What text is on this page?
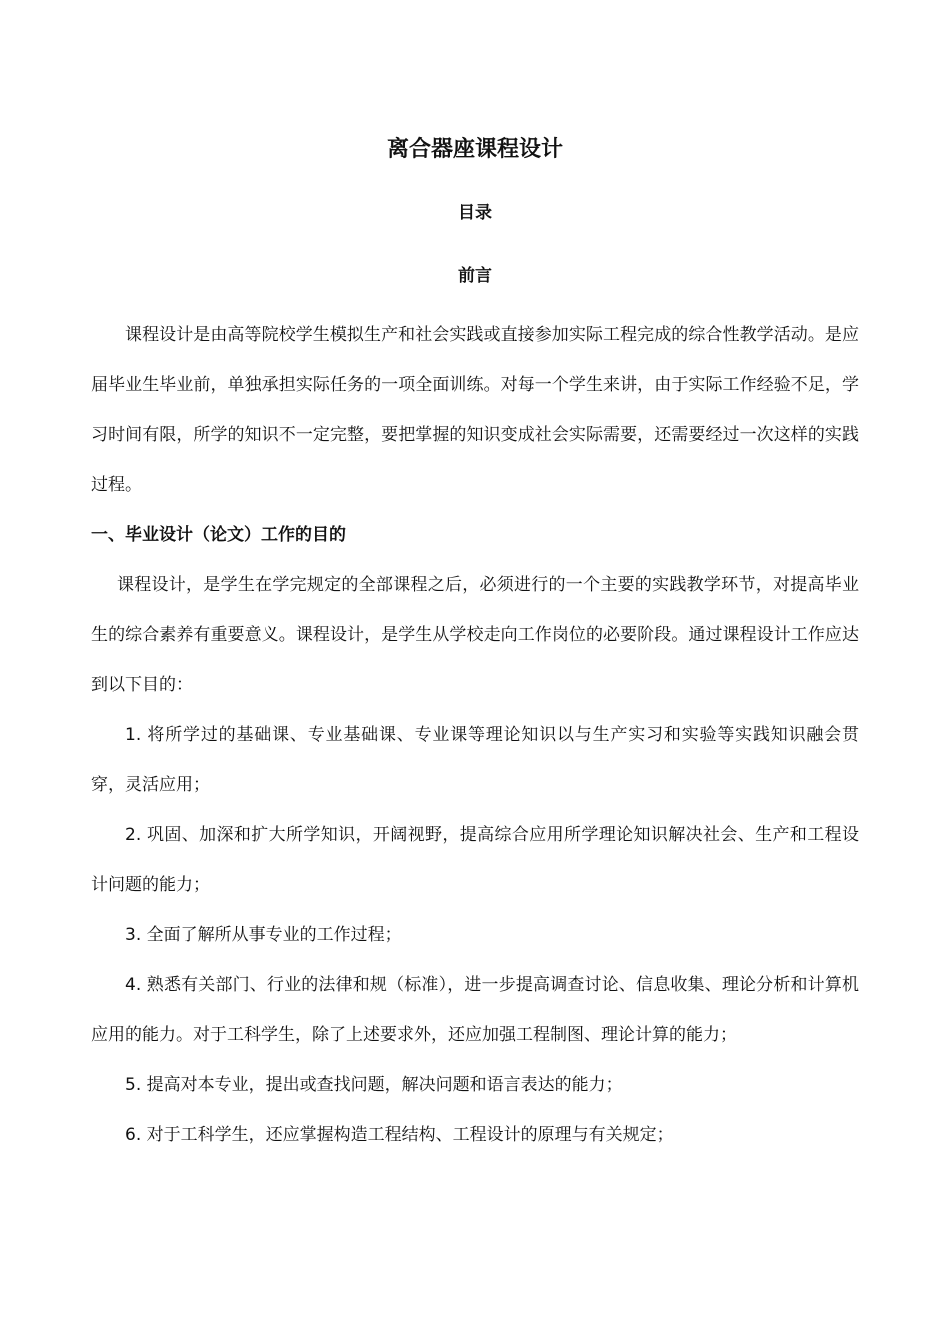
离合器座课程设计
目录
前言

课程设计是由高等院校学生模拟生产和社会实践或直接参加实际工程完成的综合性教学活动。是应届毕业生毕业前，单独承担实际任务的一项全面训练。对每一个学生来讲，由于实际工作经验不足，学习时间有限，所学的知识不一定完整，要把掌握的知识变成社会实际需要，还需要经过一次这样的实践过程。

一、毕业设计（论文）工作的目的

课程设计，是学生在学完规定的全部课程之后，必须进行的一个主要的实践教学环节，对提高毕业生的综合素养有重要意义。课程设计，是学生从学校走向工作岗位的必要阶段。通过课程设计工作应达到以下目的：

1. 将所学过的基础课、专业基础课、专业课等理论知识以与生产实习和实验等实践知识融会贯穿，灵活应用；

2. 巩固、加深和扩大所学知识，开阔视野，提高综合应用所学理论知识解决社会、生产和工程设计问题的能力；

3. 全面了解所从事专业的工作过程；

4. 熟悉有关部门、行业的法律和规（标准），进一步提高调查讨论、信息收集、理论分析和计算机应用的能力。对于工科学生，除了上述要求外，还应加强工程制图、理论计算的能力；

5. 提高对本专业，提出或查找问题，解决问题和语言表达的能力；

6. 对于工科学生，还应掌握构造工程结构、工程设计的原理与有关规定；
